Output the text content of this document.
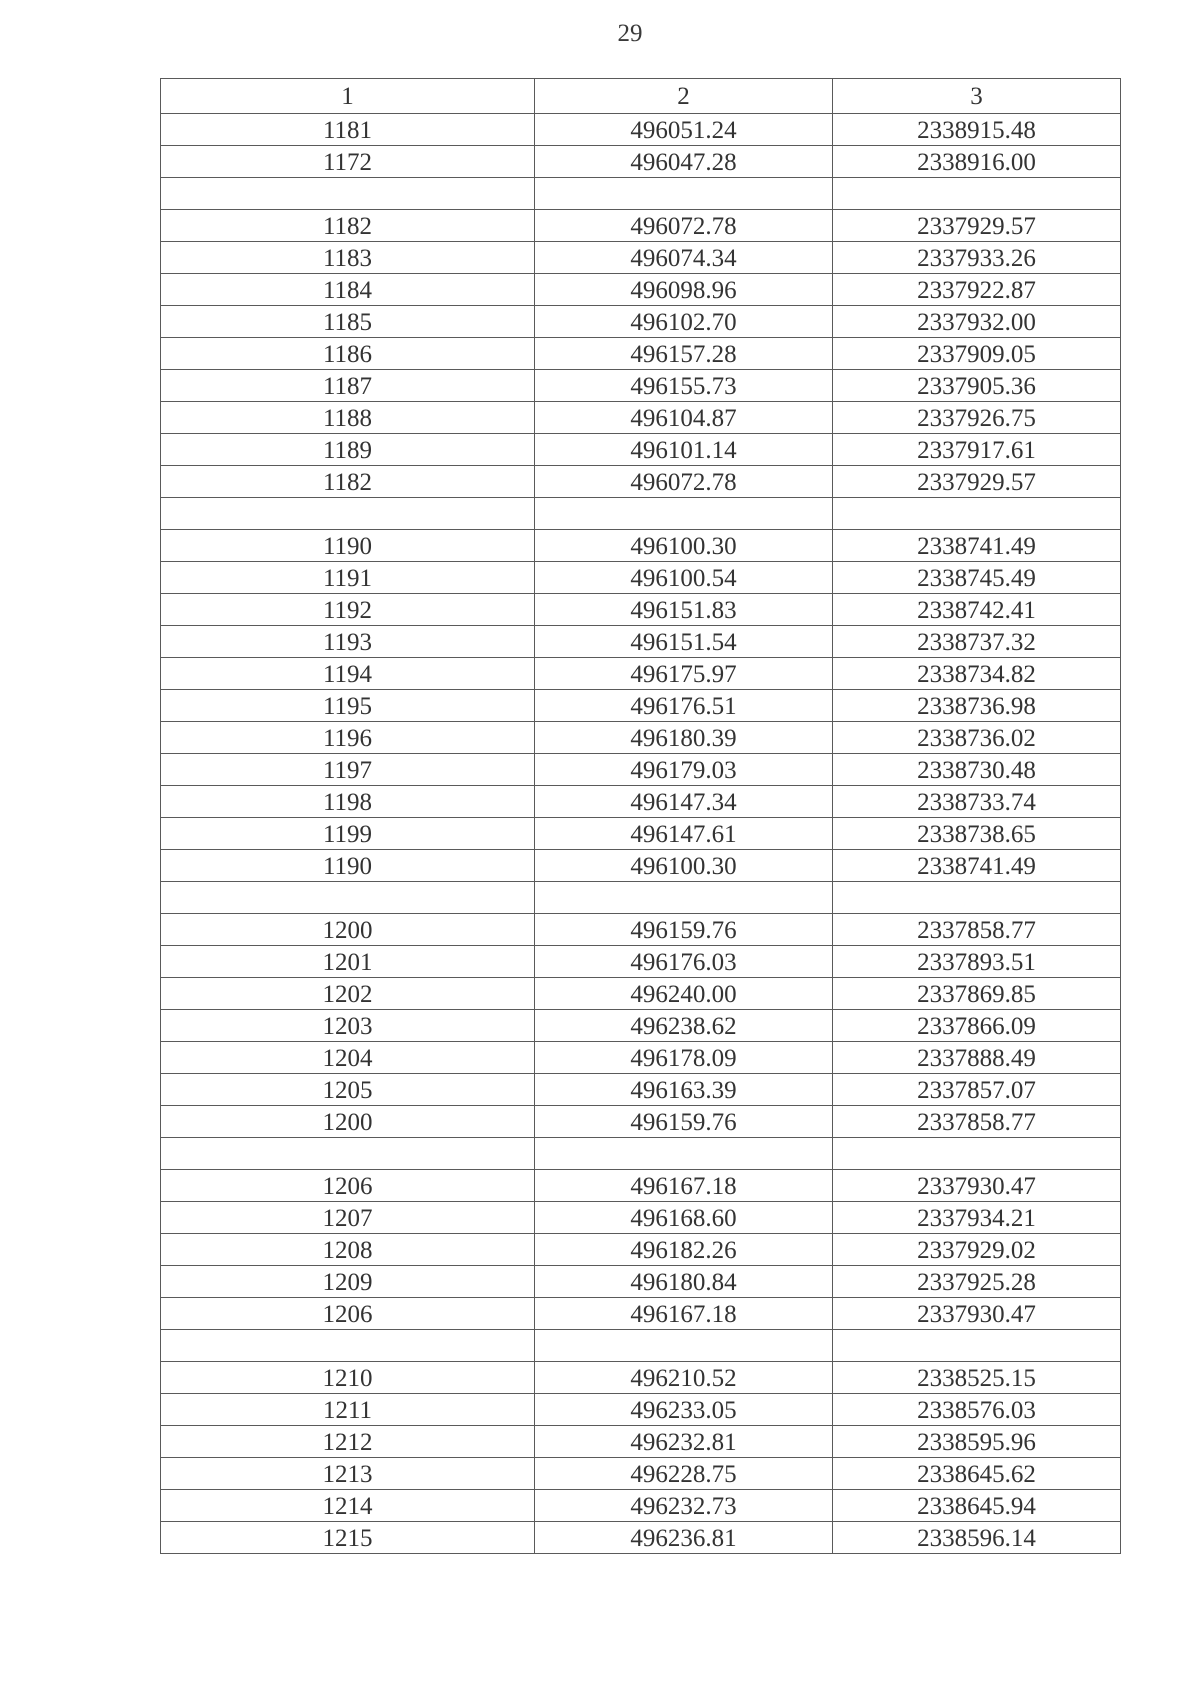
29
1	2	3
1181	496051.24	2338915.48
1172	496047.28	2338916.00

1182	496072.78	2337929.57
1183	496074.34	2337933.26
1184	496098.96	2337922.87
1185	496102.70	2337932.00
1186	496157.28	2337909.05
1187	496155.73	2337905.36
1188	496104.87	2337926.75
1189	496101.14	2337917.61
1182	496072.78	2337929.57

1190	496100.30	2338741.49
1191	496100.54	2338745.49
1192	496151.83	2338742.41
1193	496151.54	2338737.32
1194	496175.97	2338734.82
1195	496176.51	2338736.98
1196	496180.39	2338736.02
1197	496179.03	2338730.48
1198	496147.34	2338733.74
1199	496147.61	2338738.65
1190	496100.30	2338741.49

1200	496159.76	2337858.77
1201	496176.03	2337893.51
1202	496240.00	2337869.85
1203	496238.62	2337866.09
1204	496178.09	2337888.49
1205	496163.39	2337857.07
1200	496159.76	2337858.77

1206	496167.18	2337930.47
1207	496168.60	2337934.21
1208	496182.26	2337929.02
1209	496180.84	2337925.28
1206	496167.18	2337930.47

1210	496210.52	2338525.15
1211	496233.05	2338576.03
1212	496232.81	2338595.96
1213	496228.75	2338645.62
1214	496232.73	2338645.94
1215	496236.81	2338596.14
